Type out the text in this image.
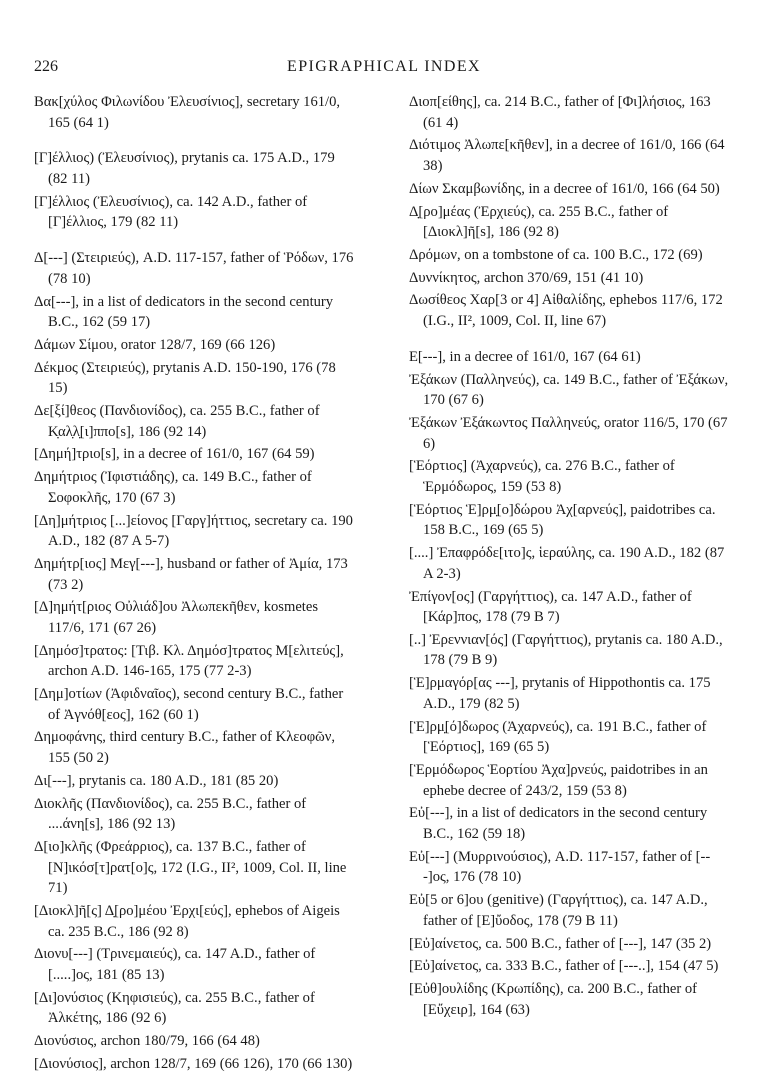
226	EPIGRAPHICAL INDEX
Βακ[χύλος Φιλωνίδου Ἐλευσίνιος], secretary 161/0, 165 (64 1)
[Γ]έλλιος) (Ἐλευσίνιος), prytanis ca. 175 A.D., 179 (82 11)
[Γ]έλλιος (Ἐλευσίνιος), ca. 142 A.D., father of [Γ]έλλιος, 179 (82 11)
Δ[---] (Στειριεύς), A.D. 117-157, father of Ῥόδων, 176 (78 10)
Δα[---], in a list of dedicators in the second century B.C., 162 (59 17)
Δάμων Σίμου, orator 128/7, 169 (66 126)
Δέκμος (Στειριεύς), prytanis A.D. 150-190, 176 (78 15)
Δε[ξί]θεος (Πανδιονίδος), ca. 255 B.C., father of Κ̣αλ̣λ̣[ι]ππο[s], 186 (92 14)
[Δημή]τριο[s], in a decree of 161/0, 167 (64 59)
Δημήτριος (Ἰφιστιάδης), ca. 149 B.C., father of Σοφοκλῆς, 170 (67 3)
[Δη]μήτριος [...]είονος [Γαργ]ήττιος, secretary ca. 190 A.D., 182 (87 A 5-7)
Δημήτρ[ιος] Μεγ[---], husband or father of Ἀμία, 173 (73 2)
[Δ]ημήτ[ριος Οὐλιάδ]ου Ἀλωπεκῆθεν, kosmetes 117/6, 171 (67 26)
[Δημόσ]τρατος: [Τιβ. Κλ. Δημόσ]τρατος Μ[ελιτεύς], archon A.D. 146-165, 175 (77 2-3)
[Δημ]οτίων (Ἀφιδναῖος), second century B.C., father of Ἀγνόθ[εος], 162 (60 1)
Δημοφάνης, third century B.C., father of Κλεοφῶν, 155 (50 2)
Δι[---], prytanis ca. 180 A.D., 181 (85 20)
Διοκλῆς (Πανδιονίδος), ca. 255 B.C., father of ....άνη[s], 186 (92 13)
Δ[ιο]κλῆς (Φρεάρριος), ca. 137 B.C., father of [Ν]ικόσ[τ]ρατ[ο]ς, 172 (I.G., II², 1009, Col. II, line 71)
[Διοκλ]ῆ[ς] Δ̣[ρο]μέου Ἐρχι[εύς], ephebos of Aigeis ca. 235 B.C., 186 (92 8)
Διονυ[---] (Τρινεμαιεύς), ca. 147 A.D., father of [.....]ος, 181 (85 13)
[Δι]ονύσιος (Κηφισιεύς), ca. 255 B.C., father of Ἀλκέτης, 186 (92 6)
Διονύσιος, archon 180/79, 166 (64 48)
[Διονύσιος], archon 128/7, 169 (66 126), 170 (66 130)
Διοπ[είθης], ca. 214 B.C., father of [Φι]λήσιος, 163 (61 4)
Διότιμος Ἀλωπε[κῆθεν], in a decree of 161/0, 166 (64 38)
Δίων Σκαμβωνίδης, in a decree of 161/0, 166 (64 50)
Δ̣[ρο]μέας (Ἐρχιεύς), ca. 255 B.C., father of [Διοκλ]ῆ[s], 186 (92 8)
Δρόμων, on a tombstone of ca. 100 B.C., 172 (69)
Δυννίκητος, archon 370/69, 151 (41 10)
Δωσίθεος Χαρ[3 or 4] Αἰθαλίδης, ephebos 117/6, 172 (I.G., II², 1009, Col. II, line 67)
Ε[---], in a decree of 161/0, 167 (64 61)
Ἐξάκων (Παλληνεύς), ca. 149 B.C., father of Ἐξάκων, 170 (67 6)
Ἐξάκων Ἐξάκωντος Παλληνεύς, orator 116/5, 170 (67 6)
[Ἑόρτιος] (Ἀχαρνεύς), ca. 276 B.C., father of Ἑρμόδωρος, 159 (53 8)
[Ἑόρτιος Ἑ]ρμ̣[ο]δώρου Ἀχ[αρνεύς], paidotribes ca. 158 B.C., 169 (65 5)
[....] Ἐπαφρόδε[ιτο]ς, ἱεραύλης, ca. 190 A.D., 182 (87 A 2-3)
Ἐπίγον[ος] (Γαργήττιος), ca. 147 A.D., father of [Κάρ]πος, 178 (79 B 7)
[..] Ἐρεννιαν[ός] (Γαργήττιος), prytanis ca. 180 A.D., 178 (79 B 9)
[Ἑ]ρμαγόρ[ας ---], prytanis of Hippothontis ca. 175 A.D., 179 (82 5)
[Ἑ]ρμ̣[ό]δωρος (Ἀχαρνεύς), ca. 191 B.C., father of [Ἑόρτιος], 169 (65 5)
[Ἑρμόδωρος Ἑορτίου Ἀχα]ρνεύς, paidotribes in an ephebe decree of 243/2, 159 (53 8)
Εὐ[---], in a list of dedicators in the second century B.C., 162 (59 18)
Εὐ[---] (Μυρρινούσιος), A.D. 117-157, father of [---]ος, 176 (78 10)
Εὐ[5 or 6]ου (genitive) (Γαργήττιος), ca. 147 A.D., father of [Ε]ὔοδος, 178 (79 B 11)
[Εὐ]αίνετος, ca. 500 B.C., father of [---], 147 (35 2)
[Εὐ]αίνετος, ca. 333 B.C., father of [---..], 154 (47 5)
[Εὐθ]ουλίδης (Κρωπίδης), ca. 200 B.C., father of [Εὔχειρ], 164 (63)
